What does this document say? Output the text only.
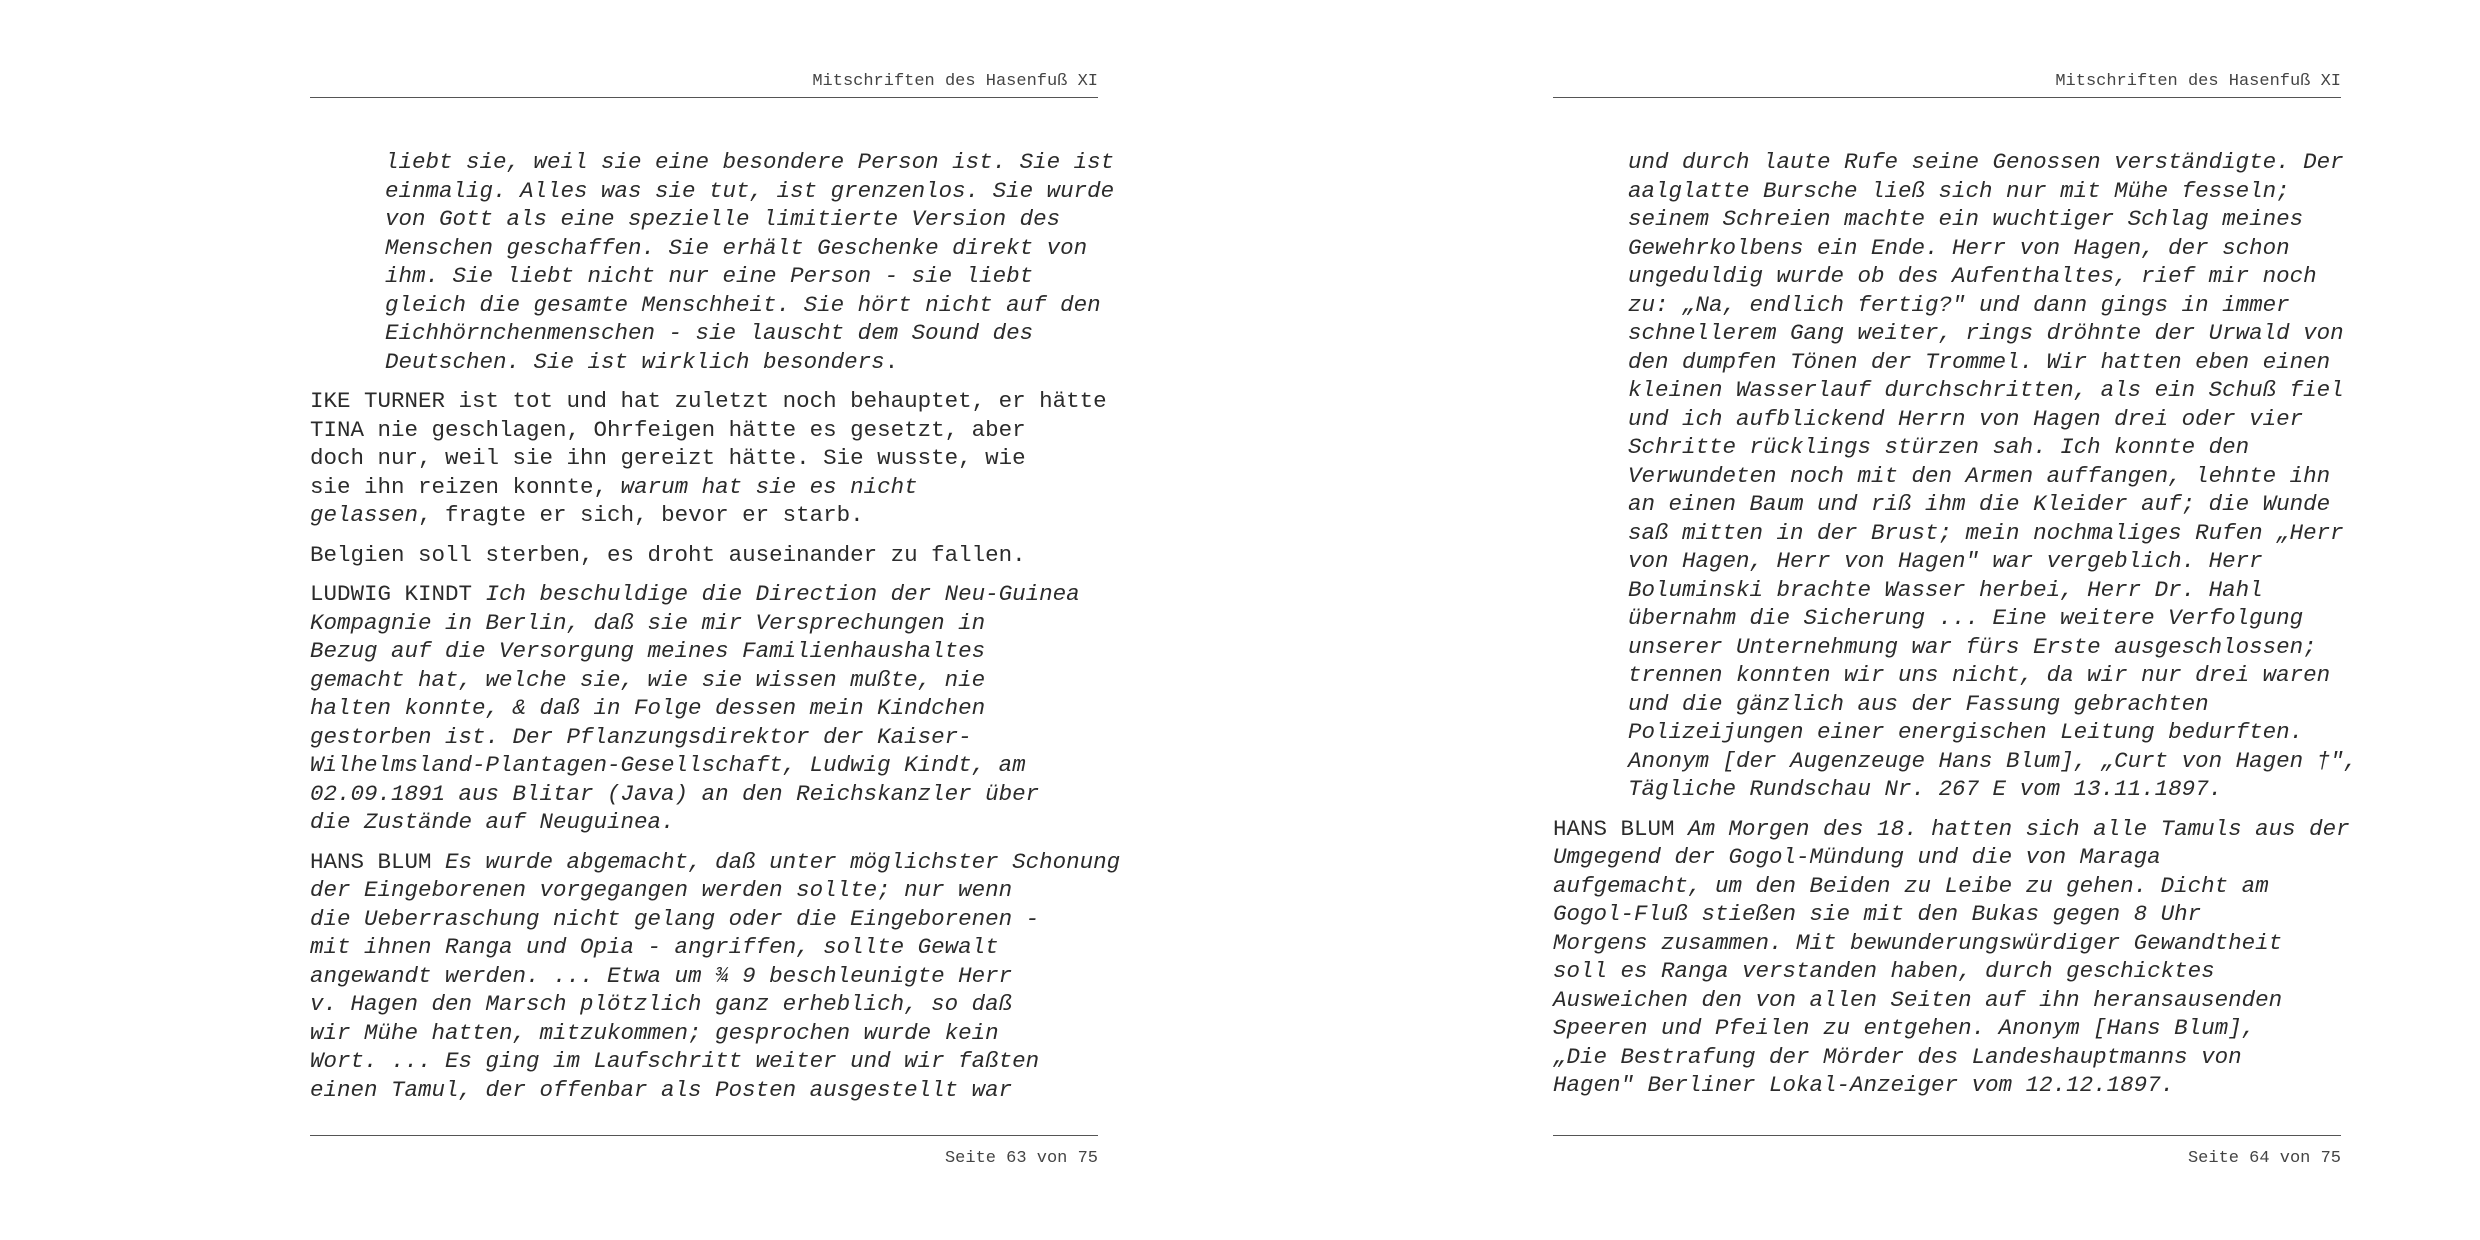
Mitschriften des Hasenfuß XI
liebt sie, weil sie eine besondere Person ist. Sie ist
einmalig. Alles was sie tut, ist grenzenlos. Sie wurde
von Gott als eine spezielle limitierte Version des
Menschen geschaffen. Sie erhält Geschenke direkt von
ihm. Sie liebt nicht nur eine Person - sie liebt
gleich die gesamte Menschheit. Sie hört nicht auf den
Eichhörnchenmenschen - sie lauscht dem Sound des
Deutschen. Sie ist wirklich besonders.
IKE TURNER ist tot und hat zuletzt noch behauptet, er hätte
TINA nie geschlagen, Ohrfeigen hätte es gesetzt, aber
doch nur, weil sie ihn gereizt hätte. Sie wusste, wie
sie ihn reizen konnte, warum hat sie es nicht
gelassen, fragte er sich, bevor er starb.
Belgien soll sterben, es droht auseinander zu fallen.
LUDWIG KINDT Ich beschuldige die Direction der Neu-Guinea
Kompagnie in Berlin, daß sie mir Versprechungen in
Bezug auf die Versorgung meines Familienhaushaltes
gemacht hat, welche sie, wie sie wissen mußte, nie
halten konnte, & daß in Folge dessen mein Kindchen
gestorben ist. Der Pflanzungsdirektor der Kaiser-
Wilhelmsland-Plantagen-Gesellschaft, Ludwig Kindt, am
02.09.1891 aus Blitar (Java) an den Reichskanzler über
die Zustände auf Neuguinea.
HANS BLUM Es wurde abgemacht, daß unter möglichster Schonung
der Eingeborenen vorgegangen werden sollte; nur wenn
die Ueberraschung nicht gelang oder die Eingeborenen -
mit ihnen Ranga und Opia - angriffen, sollte Gewalt
angewandt werden. ... Etwa um ¾ 9 beschleunigte Herr
v. Hagen den Marsch plötzlich ganz erheblich, so daß
wir Mühe hatten, mitzukommen; gesprochen wurde kein
Wort. ... Es ging im Laufschritt weiter und wir faßten
einen Tamul, der offenbar als Posten ausgestellt war
Seite 63 von 75
Mitschriften des Hasenfuß XI
und durch laute Rufe seine Genossen verständigte. Der
aalglatte Bursche ließ sich nur mit Mühe fesseln;
seinem Schreien machte ein wuchtiger Schlag meines
Gewehrkolbens ein Ende. Herr von Hagen, der schon
ungeduldig wurde ob des Aufenthaltes, rief mir noch
zu: „Na, endlich fertig?" und dann gings in immer
schnellerem Gang weiter, rings dröhnte der Urwald von
den dumpfen Tönen der Trommel. Wir hatten eben einen
kleinen Wasserlauf durchschritten, als ein Schuß fiel
und ich aufblickend Herrn von Hagen drei oder vier
Schritte rücklings stürzen sah. Ich konnte den
Verwundeten noch mit den Armen auffangen, lehnte ihn
an einen Baum und riß ihm die Kleider auf; die Wunde
saß mitten in der Brust; mein nochmaliges Rufen „Herr
von Hagen, Herr von Hagen" war vergeblich. Herr
Boluminski brachte Wasser herbei, Herr Dr. Hahl
übernahm die Sicherung ... Eine weitere Verfolgung
unserer Unternehmung war fürs Erste ausgeschlossen;
trennen konnten wir uns nicht, da wir nur drei waren
und die gänzlich aus der Fassung gebrachten
Polizeijungen einer energischen Leitung bedurften.
Anonym [der Augenzeuge Hans Blum], „Curt von Hagen †",
Tägliche Rundschau Nr. 267 E vom 13.11.1897.
HANS BLUM Am Morgen des 18. hatten sich alle Tamuls aus der
Umgegend der Gogol-Mündung und die von Maraga
aufgemacht, um den Beiden zu Leibe zu gehen. Dicht am
Gogol-Fluß stießen sie mit den Bukas gegen 8 Uhr
Morgens zusammen. Mit bewunderungswürdiger Gewandtheit
soll es Ranga verstanden haben, durch geschicktes
Ausweichen den von allen Seiten auf ihn heransausenden
Speeren und Pfeilen zu entgehen. Anonym [Hans Blum],
„Die Bestrafung der Mörder des Landeshauptmanns von
Hagen" Berliner Lokal-Anzeiger vom 12.12.1897.
Seite 64 von 75
